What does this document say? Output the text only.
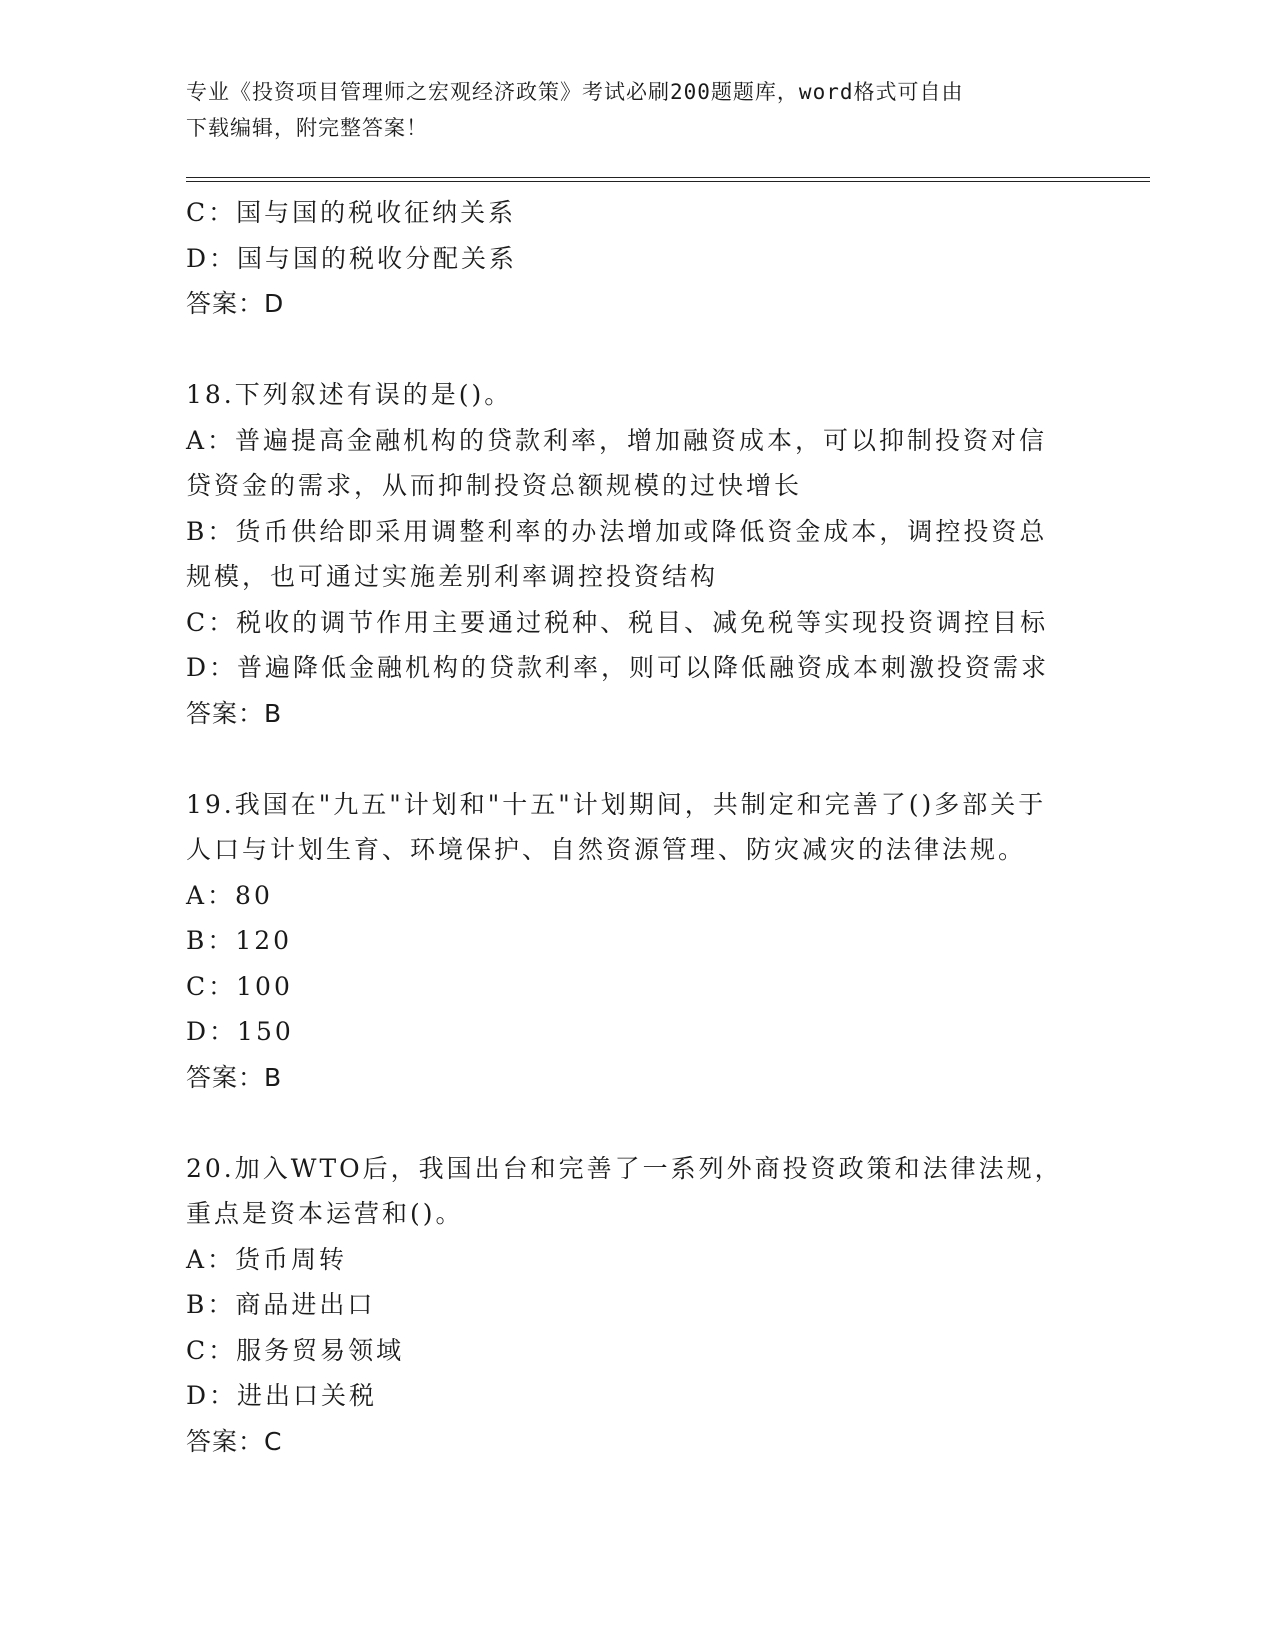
专业《投资项目管理师之宏观经济政策》考试必刷200题题库，word格式可自由
下载编辑，附完整答案！

C：国与国的税收征纳关系

D：国与国的税收分配关系

答案：D

18.下列叙述有误的是()。

A：普遍提高金融机构的贷款利率，增加融资成本，可以抑制投资对信

贷资金的需求，从而抑制投资总额规模的过快增长

B：货币供给即采用调整利率的办法增加或降低资金成本，调控投资总

规模，也可通过实施差别利率调控投资结构

C：税收的调节作用主要通过税种、税目、减免税等实现投资调控目标

D：普遍降低金融机构的贷款利率，则可以降低融资成本刺激投资需求

答案：B

19.我国在"九五"计划和"十五"计划期间，共制定和完善了()多部关于

人口与计划生育、环境保护、自然资源管理、防灾减灾的法律法规。

A：80

B：120

C：100

D：150

答案：B

20.加入WTO后，我国出台和完善了一系列外商投资政策和法律法规，

重点是资本运营和()。

A：货币周转

B：商品进出口

C：服务贸易领域

D：进出口关税

答案：C
